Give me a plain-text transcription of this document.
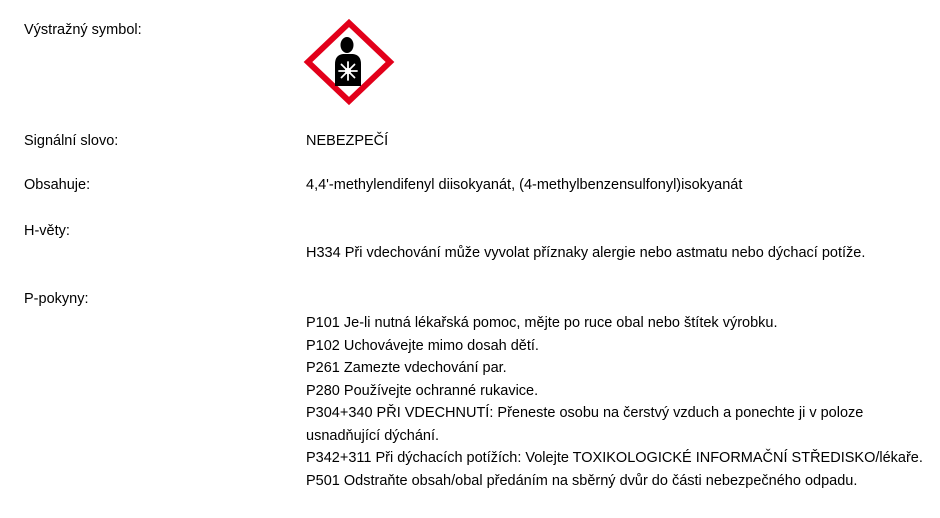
Výstražný symbol:
Signální slovo:	NEBEZPEČÍ
Obsahuje:	4,4'-methylendifenyl diisokyanát, (4-methylbenzensulfonyl)isokyanát
H-věty:
H334 Při vdechování může vyvolat příznaky alergie nebo astmatu nebo dýchací potíže.
P-pokyny:
P101 Je-li nutná lékařská pomoc, mějte po ruce obal nebo štítek výrobku.
P102 Uchovávejte mimo dosah dětí.
P261 Zamezte vdechování par.
P280 Používejte ochranné rukavice.
P304+340 PŘI VDECHNUTÍ: Přeneste osobu na čerstvý vzduch a ponechte ji v poloze
usnadňující dýchání.
P342+311 Při dýchacích potížích: Volejte TOXIKOLOGICKÉ INFORMAČNÍ STŘEDISKO/lékaře.
P501 Odstraňte obsah/obal předáním na sběrný dvůr do části nebezpečného odpadu.
